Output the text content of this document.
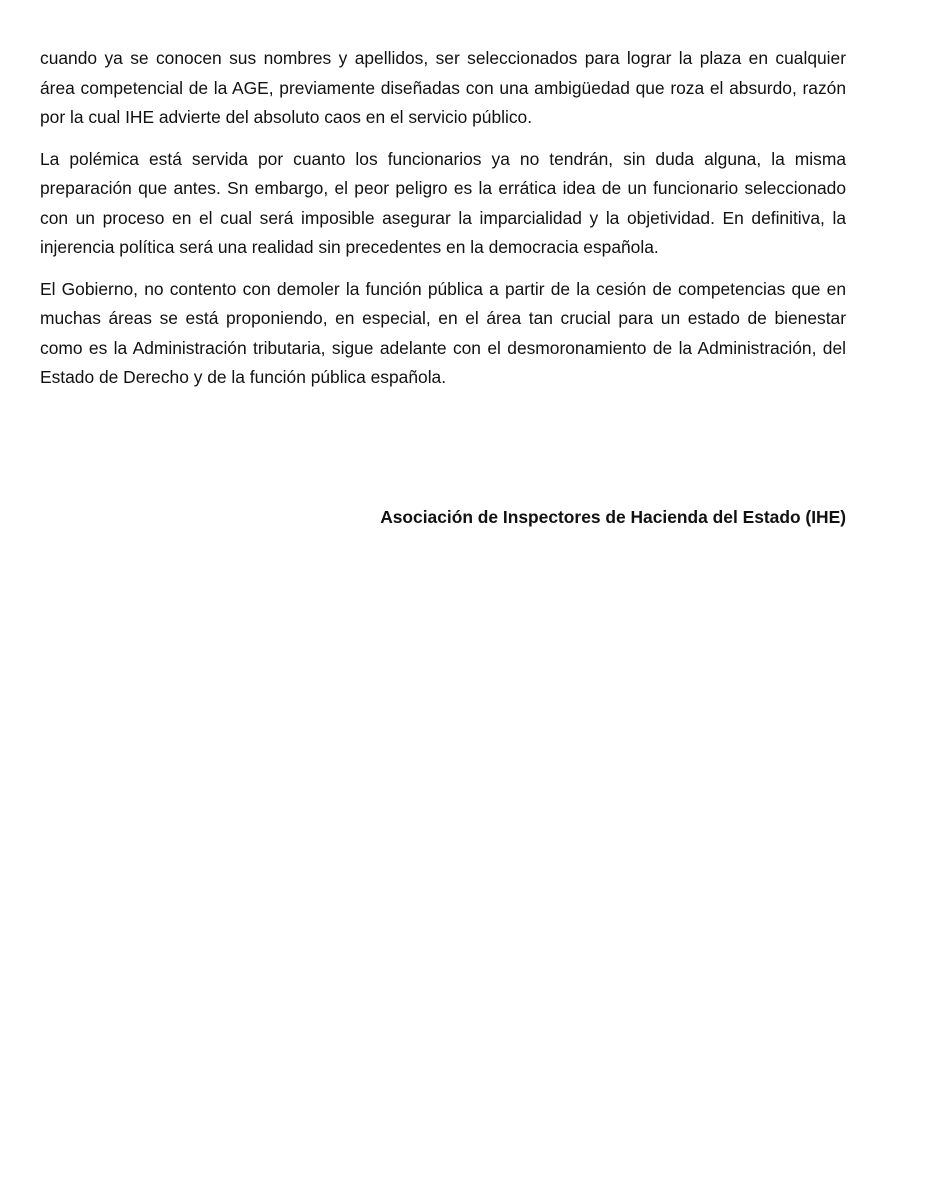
cuando ya se conocen sus nombres y apellidos, ser seleccionados para lograr la plaza en cualquier área competencial de la AGE, previamente diseñadas con una ambigüedad que roza el absurdo, razón por la cual IHE advierte del absoluto caos en el servicio público.

La polémica está servida por cuanto los funcionarios ya no tendrán, sin duda alguna, la misma preparación que antes. Sn embargo, el peor peligro es la errática idea de un funcionario seleccionado con un proceso en el cual será imposible asegurar la imparcialidad y la objetividad. En definitiva, la injerencia política será una realidad sin precedentes en la democracia española.

El Gobierno, no contento con demoler la función pública a partir de la cesión de competencias que en muchas áreas se está proponiendo, en especial, en el área tan crucial para un estado de bienestar como es la Administración tributaria, sigue adelante con el desmoronamiento de la Administración, del Estado de Derecho y de la función pública española.

Asociación de Inspectores de Hacienda del Estado (IHE)
